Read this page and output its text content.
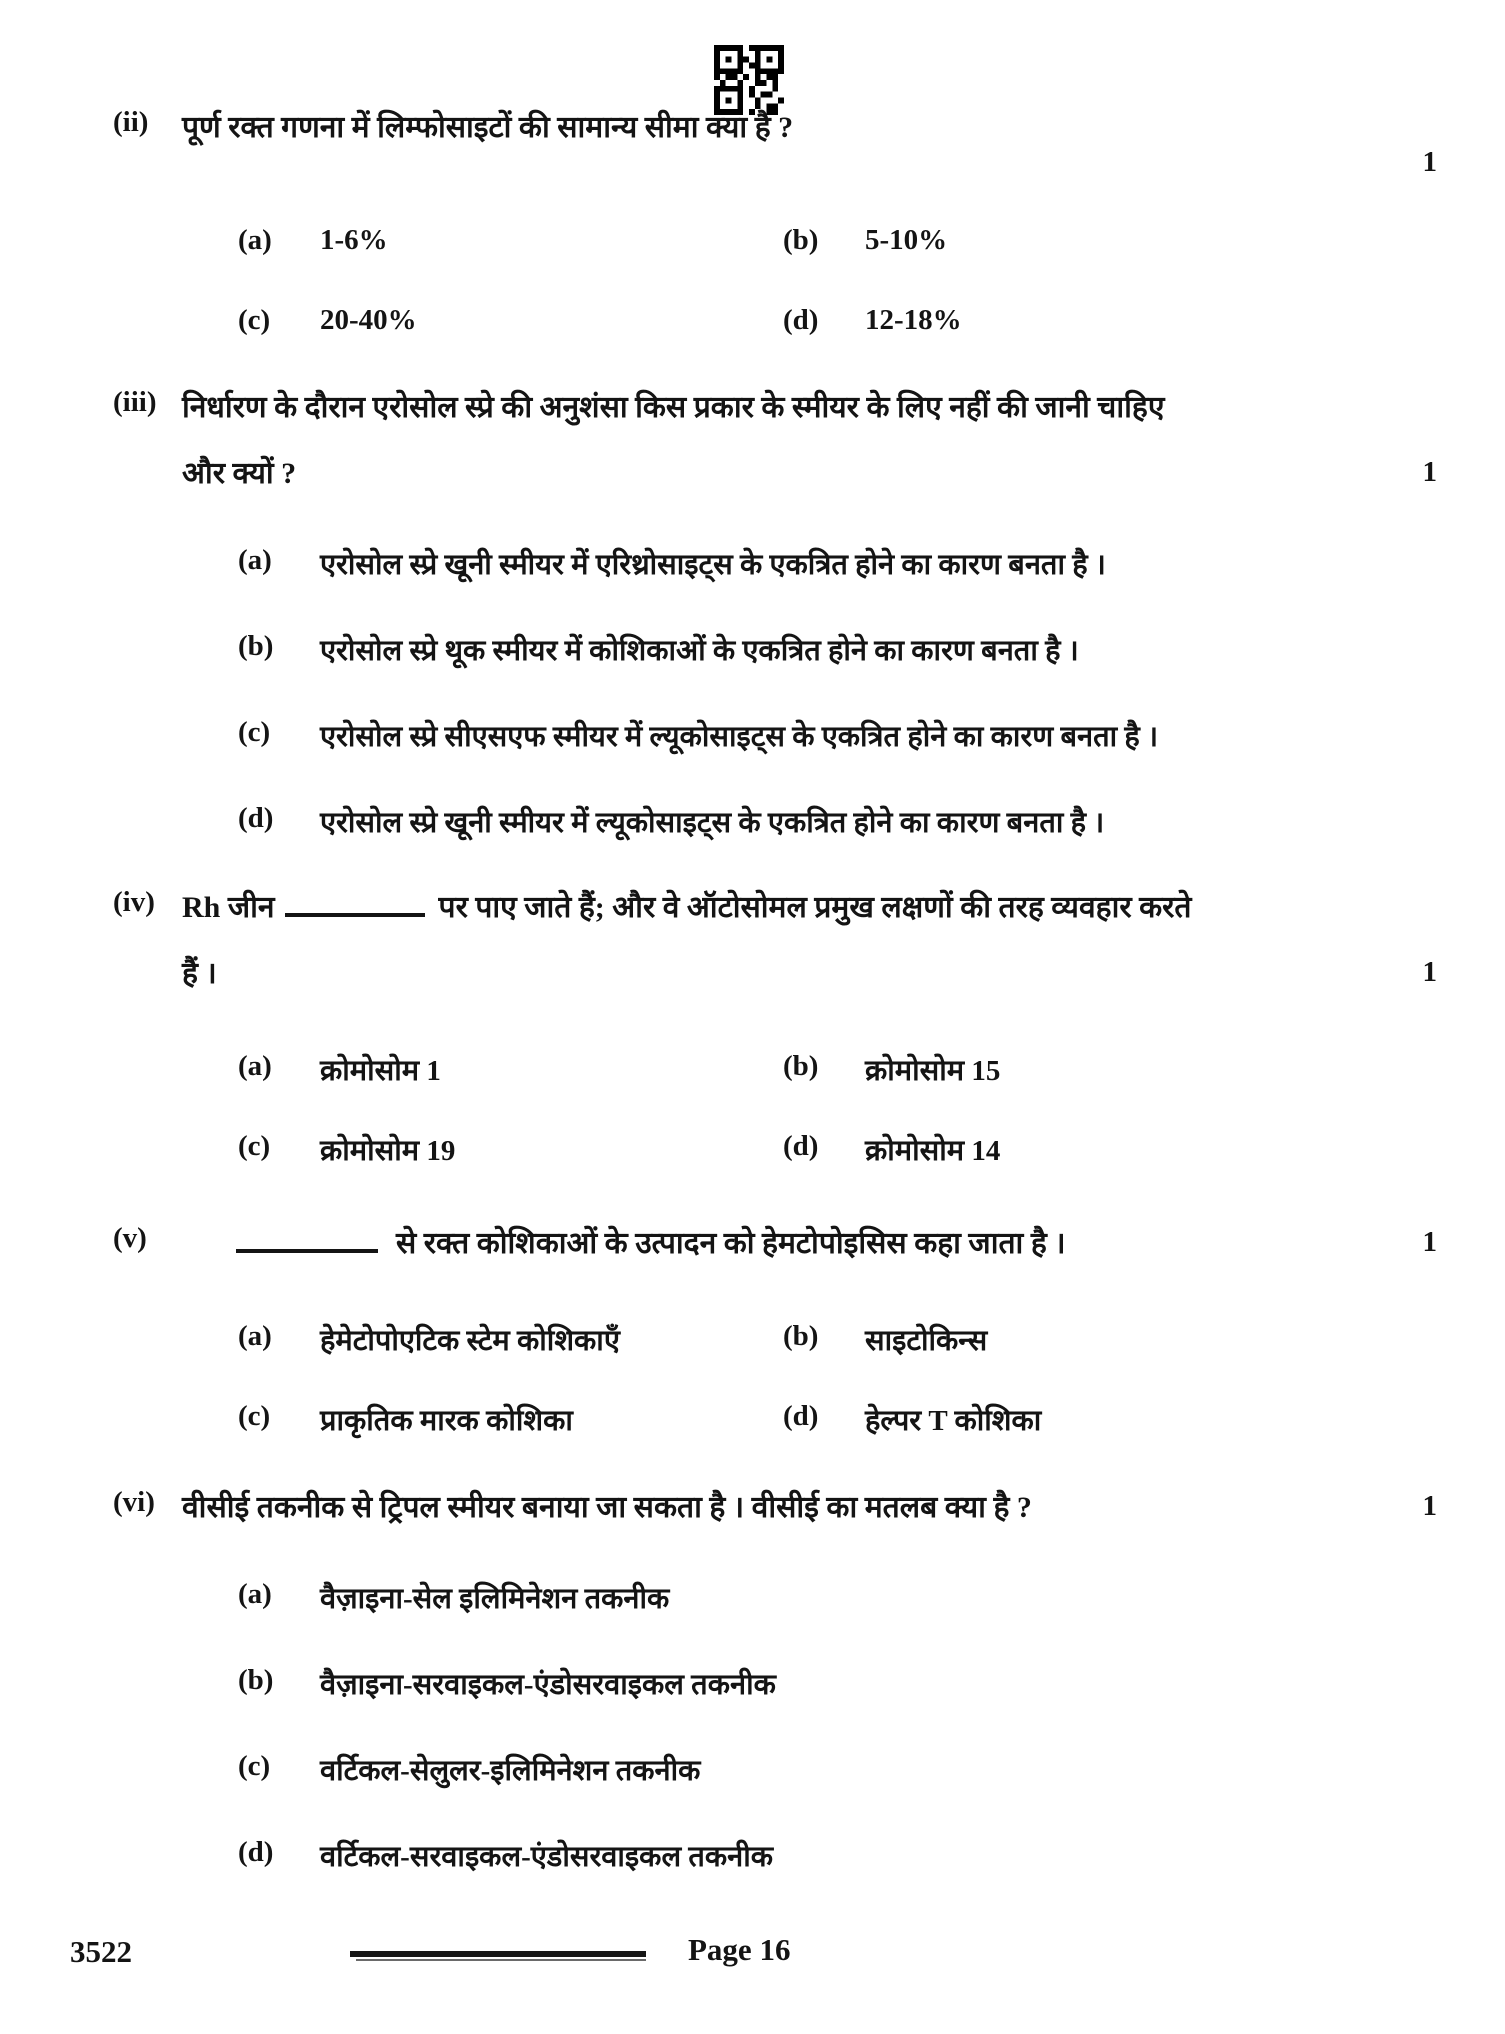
(ii) पूर्ण रक्त गणना में लिम्फोसाइटों की सामान्य सीमा क्या है ?
1
(a) 1-6%	(b) 5-10%
(c) 20-40%	(d) 12-18%
(iii) निर्धारण के दौरान एरोसोल स्प्रे की अनुशंसा किस प्रकार के स्मीयर के लिए नहीं की जानी चाहिए
और क्यों ?	1
(a) एरोसोल स्प्रे खूनी स्मीयर में एरिथ्रोसाइट्स के एकत्रित होने का कारण बनता है ।
(b) एरोसोल स्प्रे थूक स्मीयर में कोशिकाओं के एकत्रित होने का कारण बनता है ।
(c) एरोसोल स्प्रे सीएसएफ स्मीयर में ल्यूकोसाइट्स के एकत्रित होने का कारण बनता है ।
(d) एरोसोल स्प्रे खूनी स्मीयर में ल्यूकोसाइट्स के एकत्रित होने का कारण बनता है ।
(iv) Rh जीन	पर पाए जाते हैं; और वे ऑटोसोमल प्रमुख लक्षणों की तरह व्यवहार करते
हैं ।	1
(a) क्रोमोसोम 1	(b) क्रोमोसोम 15
(c) क्रोमोसोम 19	(d) क्रोमोसोम 14
(v)	से रक्त कोशिकाओं के उत्पादन को हेमटोपोइसिस कहा जाता है ।	1
(a) हेमेटोपोएटिक स्टेम कोशिकाएँ	(b) साइटोकिन्स
(c) प्राकृतिक मारक कोशिका	(d) हेल्पर T कोशिका
(vi) वीसीई तकनीक से ट्रिपल स्मीयर बनाया जा सकता है । वीसीई का मतलब क्या है ?	1
(a) वैज़ाइना-सेल इलिमिनेशन तकनीक
(b) वैज़ाइना-सरवाइकल-एंडोसरवाइकल तकनीक
(c) वर्टिकल-सेलुलर-इलिमिनेशन तकनीक
(d) वर्टिकल-सरवाइकल-एंडोसरवाइकल तकनीक
3522	Page 16
